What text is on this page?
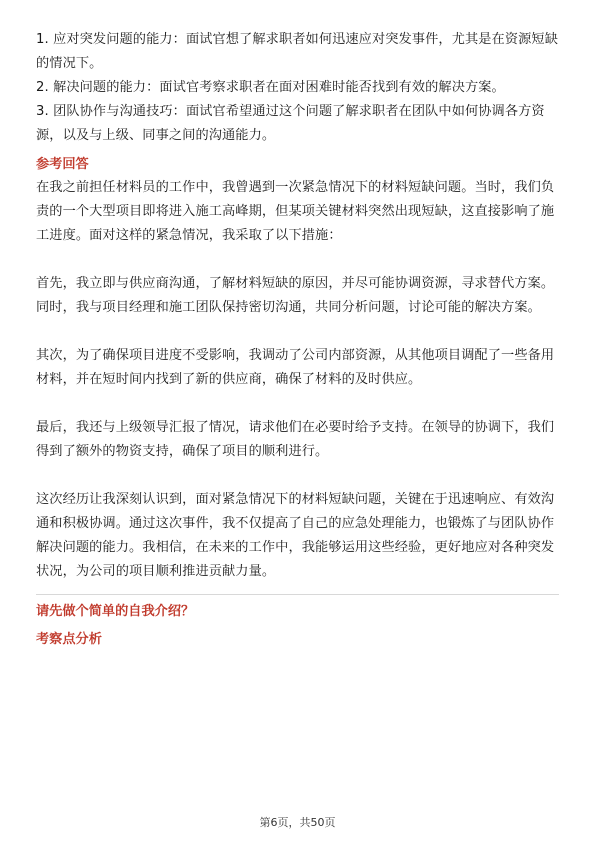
1. 应对突发问题的能力：面试官想了解求职者如何迅速应对突发事件，尤其是在资源短缺的情况下。

2. 解决问题的能力：面试官考察求职者在面对困难时能否找到有效的解决方案。

3. 团队协作与沟通技巧：面试官希望通过这个问题了解求职者在团队中如何协调各方资源，以及与上级、同事之间的沟通能力。

参考回答

在我之前担任材料员的工作中，我曾遇到一次紧急情况下的材料短缺问题。当时，我们负责的一个大型项目即将进入施工高峰期，但某项关键材料突然出现短缺，这直接影响了施工进度。面对这样的紧急情况，我采取了以下措施：

首先，我立即与供应商沟通，了解材料短缺的原因，并尽可能协调资源，寻求替代方案。同时，我与项目经理和施工团队保持密切沟通，共同分析问题，讨论可能的解决方案。

其次，为了确保项目进度不受影响，我调动了公司内部资源，从其他项目调配了一些备用材料，并在短时间内找到了新的供应商，确保了材料的及时供应。

最后，我还与上级领导汇报了情况，请求他们在必要时给予支持。在领导的协调下，我们得到了额外的物资支持，确保了项目的顺利进行。

这次经历让我深刻认识到，面对紧急情况下的材料短缺问题，关键在于迅速响应、有效沟通和积极协调。通过这次事件，我不仅提高了自己的应急处理能力，也锻炼了与团队协作解决问题的能力。我相信，在未来的工作中，我能够运用这些经验，更好地应对各种突发状况，为公司的项目顺利推进贡献力量。

请先做个简单的自我介绍？

考察点分析

第6页，共50页
